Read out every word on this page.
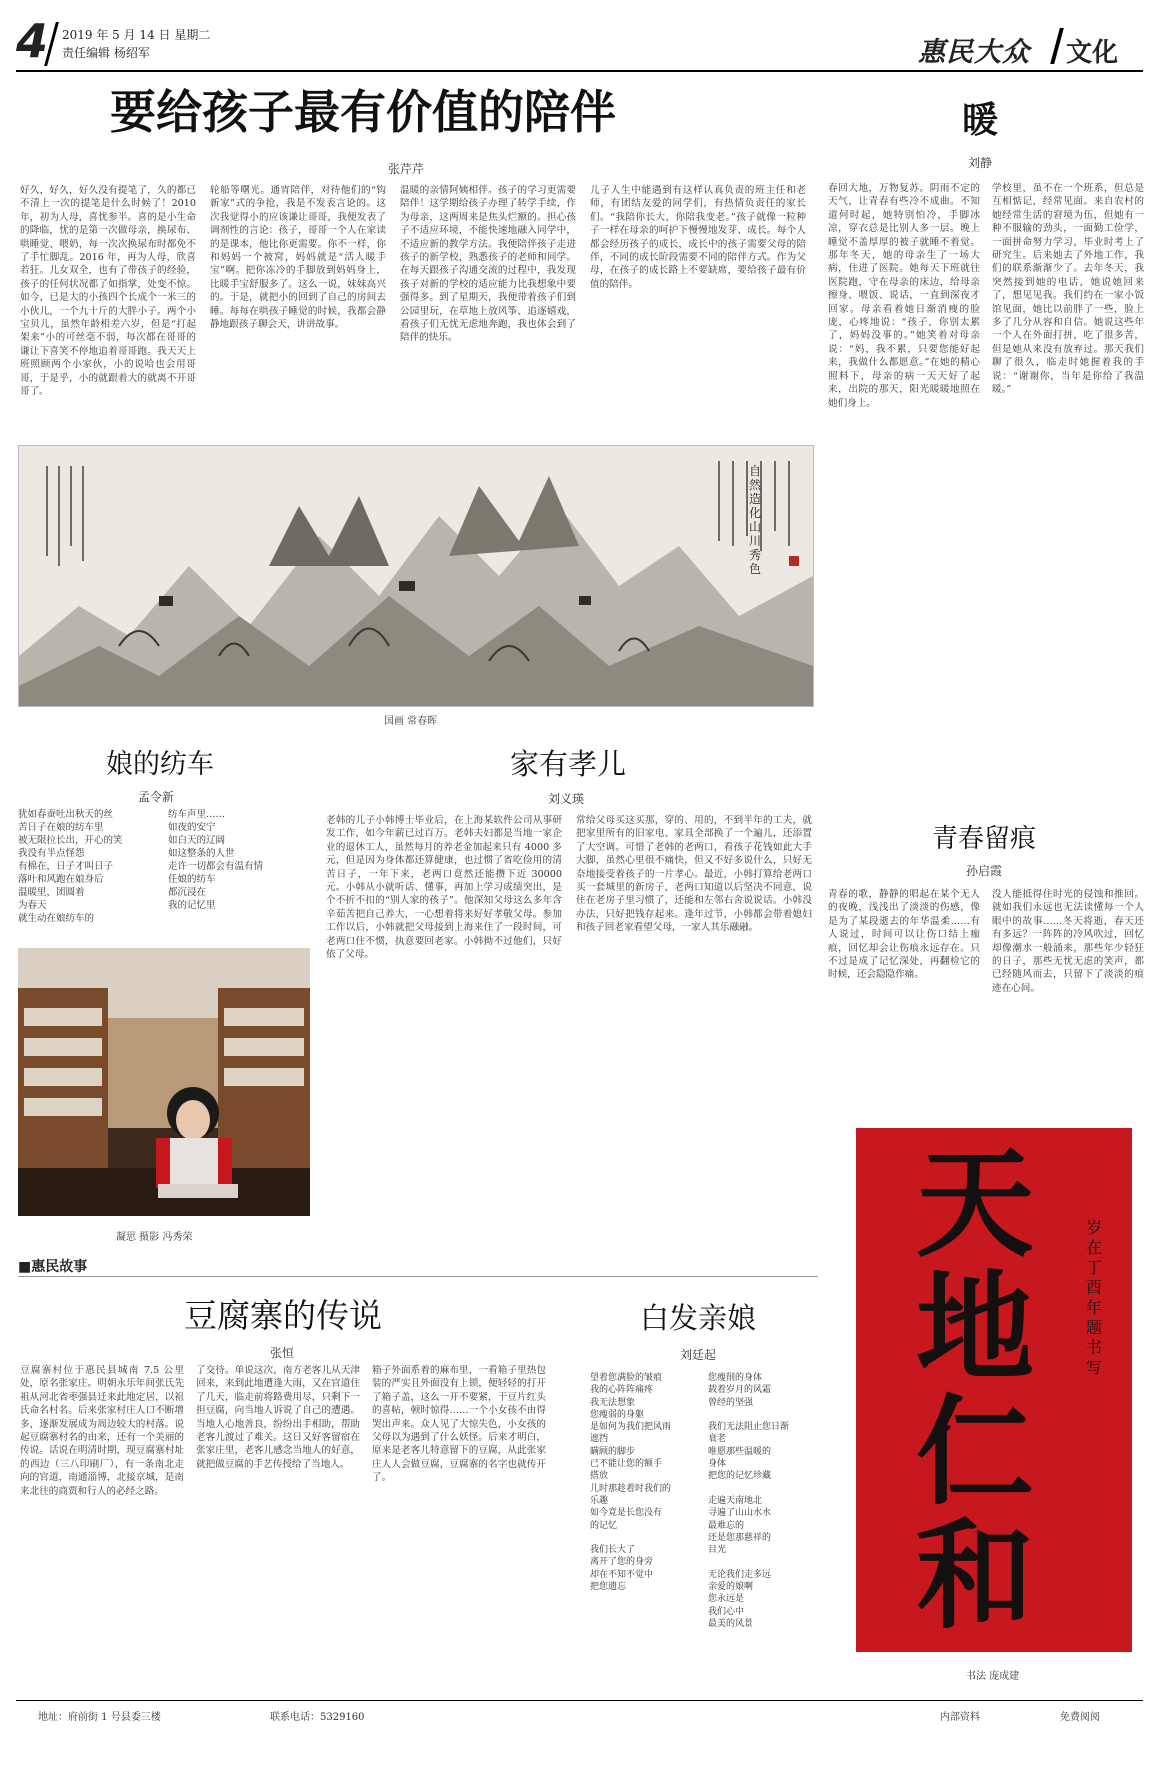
4 2019 年 5 月 14 日 星期二
责任编辑 杨绍军	惠民大众 文化
要给孩子最有价值的陪伴
张芹芹
好久，好久，好久没有提笔了，久的都已不清上一次的提笔是什么时候了！2010 年，初为人母，喜忧参半。喜的是小生命的降临，忧的是第一次做母亲，换尿布、哄睡觉、喂奶，每一次次换尿布时都免不了手忙脚乱。2016 年，再为人母，欣喜若狂。儿女双全，也有了带孩子的经验，孩子的任何状况都了如指掌，处变不惊。如今，已是大的小孩四个长成个一米三的小伙儿，一个九十斤的大胖小子。两个小宝贝儿，虽然年龄相差六岁，但是“打起架来”小的可丝毫不弱，每次都在哥哥的谦让下喜笑不停地追着哥哥跑。我天天上班照顾两个小家伙，小的说哈也会用哥哥，于是乎，小的就跟着大的就离不开哥哥了。
轮船等曙光。通宵陪伴，对待他们的“钩新家”式的争抢，我是不发表言论的。这次我觉得小的应该谦让哥哥，我便发表了调剂性的言论：孩子，哥哥一个人在家读的是课本，他比你更需要。你不一样，你和妈妈一个被窝，妈妈就是“活人暖手宝”啊。把你冻冷的手脚放到妈妈身上，比暖手宝舒服多了。这么一说，妹妹高兴的。于是，就把小的回到了自己的房间去睡。每每在哄孩子睡觉的时候，我都会静静地跟孩子聊会天，讲讲故事。
温暖的亲情阿姨相伴。孩子的学习更需要陪伴！这学期给孩子办理了转学手续，作为母亲，这两周来是焦头烂额的。担心孩子不适应环境，不能快速地融入同学中，不适应新的教学方法。我便陪伴孩子走进孩子的新学校，熟悉孩子的老师和同学。在每天跟孩子沟通交流的过程中，我发现孩子对新的学校的适应能力比我想象中要强得多。到了星期天，我便带着孩子们到公园里玩，在草地上放风筝、追逐嬉戏，看孩子们无忧无虑地奔跑，我也体会到了陪伴的快乐。
儿子人生中能遇到有这样认真负责的班主任和老师，有团结友爱的同学们，有热情负责任的家长们。“我陪你长大，你陪我变老。”孩子就像一粒种子一样在母亲的呵护下慢慢地发芽、成长。每个人都会经历孩子的成长，成长中的孩子需要父母的陪伴，不同的成长阶段需要不同的陪伴方式。作为父母，在孩子的成长路上不要缺席，要给孩子最有价值的陪伴。
自然造化 山川秀色
国画 常春晖
暖
刘静
春回大地，万物复苏。阴雨不定的天气，让青春有些冷不成曲。不知道何时起，她特别怕冷，手脚冰凉，穿衣总是比别人多一层。晚上睡觉不盖厚厚的被子就睡不着觉。那年冬天，她的母亲生了一场大病，住进了医院。她每天下班就往医院跑，守在母亲的床边，给母亲擦身、喂饭、说话，一直到深夜才回家。母亲看着她日渐消瘦的脸庞，心疼地说：“孩子，你别太累了，妈妈没事的。”她笑着对母亲说：“妈，我不累，只要您能好起来，我做什么都愿意。”在她的精心照料下，母亲的病一天天好了起来，出院的那天，阳光暖暖地照在她们身上。
学校里，虽不在一个班系，但总是互相惦记，经常见面。来自农村的她经常生活的窘境为伍，但她有一种不服输的劲头，一面勤工俭学，一面拼命努力学习，毕业时考上了研究生。后来她去了外地工作，我们的联系渐渐少了。去年冬天，我突然接到她的电话，她说她回来了，想见见我。我们约在一家小饭馆见面，她比以前胖了一些，脸上多了几分从容和自信。她说这些年一个人在外面打拼，吃了很多苦，但是她从来没有放弃过。那天我们聊了很久，临走时她握着我的手说：“谢谢你，当年是你给了我温暖。”
娘的纺车
孟令新
犹如春蚕吐出秋天的丝
苦日子在娘的纺车里
被无限拉长出，开心的笑
我没有半点怪怨
有棉在，日子才叫日子
落叶和风跑在娘身后
温暖里，团圆着
为春天
就生动在娘纺车的
纺车声里……
如夜的安宁
如白天的辽阔
如这整条的人世
走许一切都会有温有情
任娘的纺车
都沉浸在
我的记忆里
凝思 摄影 冯秀荣
家有孝儿
刘义瑛
老韩的儿子小韩博士毕业后，在上海某软件公司从事研发工作，如今年薪已过百万。老韩夫妇都是当地一家企业的退休工人，虽然每月的养老金加起来只有 4000 多元，但是因为身体都还算健康，也过惯了省吃俭用的清苦日子，一年下来，老两口竟然还能攒下近 30000 元。小韩从小就听话、懂事，再加上学习成绩突出，是个不折不扣的“别人家的孩子”。他深知父母这么多年含辛茹苦把自己养大，一心想着将来好好孝敬父母。参加工作以后，小韩就把父母接到上海来住了一段时间，可老两口住不惯，执意要回老家。小韩拗不过他们，只好依了父母。
常给父母买这买那，穿的、用的，不到半年的工夫，就把家里所有的旧家电、家具全部换了一个遍儿，还添置了大空调。可惜了老韩的老两口，看孩子花钱如此大手大脚，虽然心里很不痛快，但又不好多说什么，只好无奈地接受着孩子的一片孝心。最近，小韩打算给老两口买一套城里的新房子，老两口知道以后坚决不同意，说住在老房子里习惯了，还能和左邻右舍说说话。小韩没办法，只好把钱存起来。逢年过节，小韩都会带着媳妇和孩子回老家看望父母，一家人其乐融融。
青春留痕
孙启霞
青春的歌，静静的唱起在某个无人的夜晚，浅浅出了淡淡的伤感，像是为了某段逝去的年华温柔……有人说过，时间可以让伤口结上痂痕，回忆却会让伤痕永远存在。只不过是成了记忆深处，再翻检它的时候，还会隐隐作痛。
没人能抵得住时光的侵蚀和推回。就如我们永远也无法读懂每一个人眼中的故事……冬天将逝，春天还有多远？一阵阵的冷风吹过，回忆却像潮水一般涌来，那些年少轻狂的日子，那些无忧无虑的笑声，都已经随风而去，只留下了淡淡的痕迹在心间。
天
地
仁
和
岁在丁酉年 题 书 写
书法 庞成建
■惠民故事
豆腐寨的传说
张恒
豆腐寨村位于惠民县城南 7.5 公里处，原名张家庄。明朝永乐年间张氏先祖从河北省枣强县迁来此地定居，以祖氏命名村名。后来张家村庄人口不断增多，逐渐发展成为周边较大的村落。说起豆腐寨村名的由来，还有一个美丽的传说。话说在明清时期，现豆腐寨村址的西边（三八印刷厂），有一条南北走向的官道，南通淄博，北接京城，是南来北往的商贾和行人的必经之路。
了交待。单说这次，南方老客儿从天津回来，来到此地遭逢大雨，又在官道住了几天，临走前将路费用尽，只剩下一担豆腐，向当地人诉说了自己的遭遇。当地人心地善良，纷纷出手相助，帮助老客儿渡过了难关。这日又好客留宿在张家庄里，老客儿感念当地人的好意，就把做豆腐的手艺传授给了当地人。
箱子外面系着的麻布里，一看箱子里热包装的严实且外面没有上锁，便轻轻的打开了箱子盖，这么一开不要紧，干豆片红头的喜帖，顿时惊得……一个小女孩不由得哭出声来。众人见了大惊失色，小女孩的父母以为遇到了什么妖怪。后来才明白，原来是老客儿特意留下的豆腐，从此张家庄人人会做豆腐，豆腐寨的名字也就传开了。
白发亲娘
刘廷起
望着您满脸的皱痕
我的心阵阵痛疼
我无法想象
您瘦弱的身躯
是如何为我们把风雨
遮挡
瞒顾的脚步
已不能让您的额手
搭放
儿时那趁着时我们的
乐趣
如今竟是长您没有
的记忆

我们长大了
离开了您的身旁
却在不知不觉中
把您遗忘
您瘦削的身体
载着岁月的风霜
曾经的坚强

我们无法阻止您日渐
衰老
唯愿那些温暖的
身体
把您的记忆珍藏

走遍天南地北
寻遍了山山水水
最难忘的
还是您那慈祥的
目光

无论我们走多远
亲爱的娘啊
您永远是
我们心中
最美的风景
地址：府前街 1 号县委三楼	联系电话：5329160	内部资料	免费阅阅
